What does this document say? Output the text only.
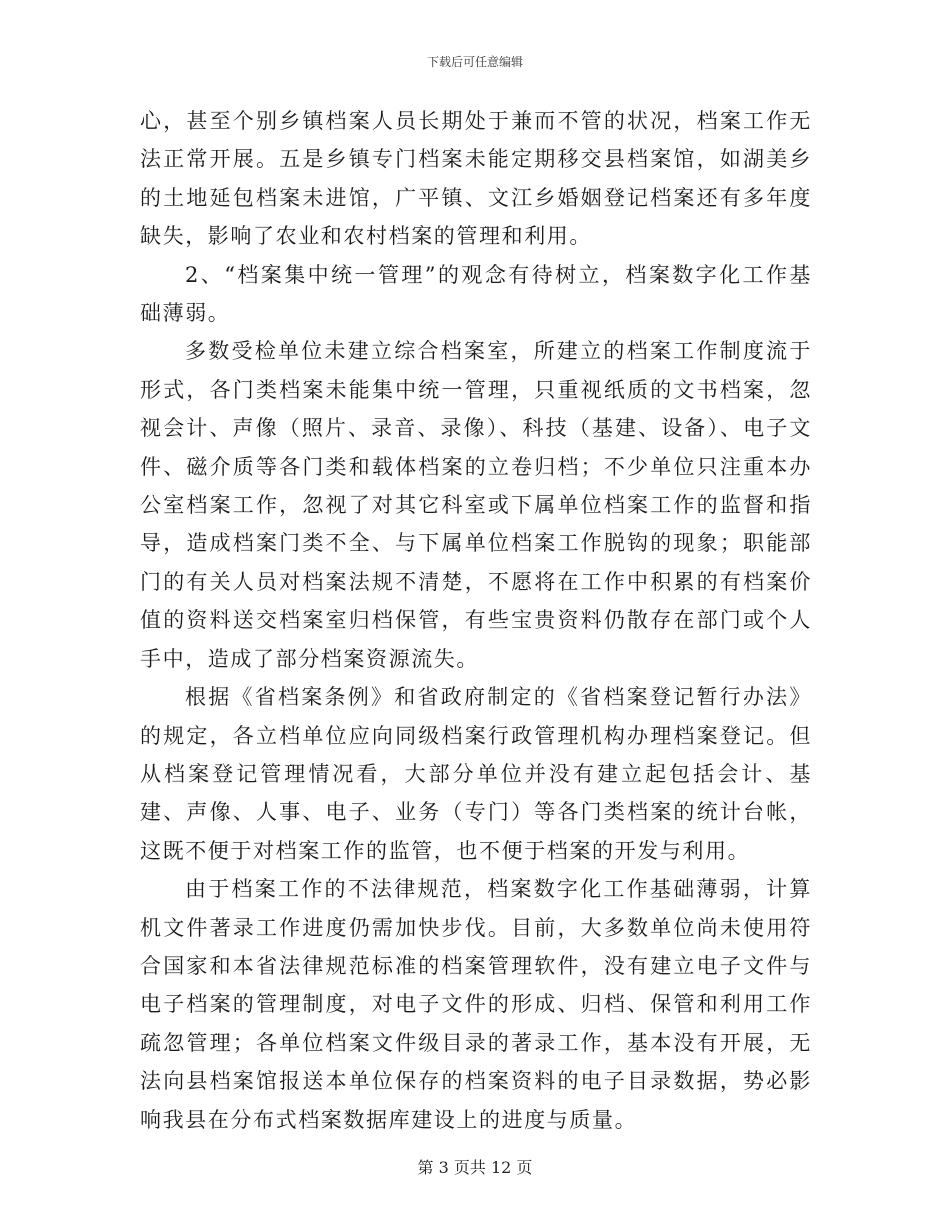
下载后可任意编辑

心，甚至个别乡镇档案人员长期处于兼而不管的状况，档案工作无法正常开展。五是乡镇专门档案未能定期移交县档案馆，如湖美乡的土地延包档案未进馆，广平镇、文江乡婚姻登记档案还有多年度缺失，影响了农业和农村档案的管理和利用。

2、“档案集中统一管理”的观念有待树立，档案数字化工作基础薄弱。

多数受检单位未建立综合档案室，所建立的档案工作制度流于形式，各门类档案未能集中统一管理，只重视纸质的文书档案，忽视会计、声像（照片、录音、录像）、科技（基建、设备）、电子文件、磁介质等各门类和载体档案的立卷归档；不少单位只注重本办公室档案工作，忽视了对其它科室或下属单位档案工作的监督和指导，造成档案门类不全、与下属单位档案工作脱钩的现象；职能部门的有关人员对档案法规不清楚，不愿将在工作中积累的有档案价值的资料送交档案室归档保管，有些宝贵资料仍散存在部门或个人手中，造成了部分档案资源流失。

根据《省档案条例》和省政府制定的《省档案登记暂行办法》的规定，各立档单位应向同级档案行政管理机构办理档案登记。但从档案登记管理情况看，大部分单位并没有建立起包括会计、基建、声像、人事、电子、业务（专门）等各门类档案的统计台帐，这既不便于对档案工作的监管，也不便于档案的开发与利用。

由于档案工作的不法律规范，档案数字化工作基础薄弱，计算机文件著录工作进度仍需加快步伐。目前，大多数单位尚未使用符合国家和本省法律规范标准的档案管理软件，没有建立电子文件与电子档案的管理制度，对电子文件的形成、归档、保管和利用工作疏忽管理；各单位档案文件级目录的著录工作，基本没有开展，无法向县档案馆报送本单位保存的档案资料的电子目录数据，势必影响我县在分布式档案数据库建设上的进度与质量。

第 3 页共 12 页
